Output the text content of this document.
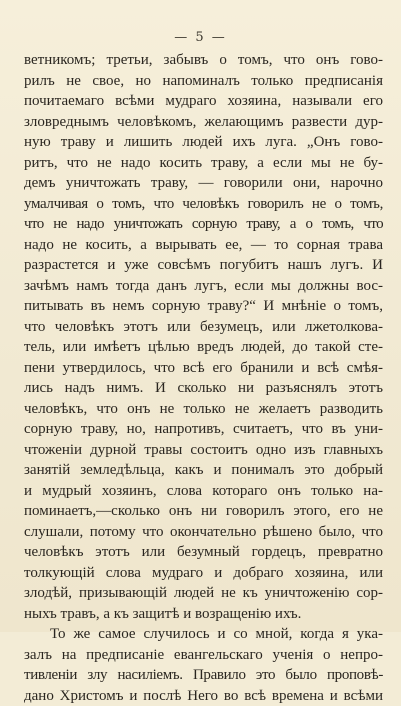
— 5 —
ветникомъ; третьи, забывъ о томъ, что онъ гово-
рилъ не свое, но напоминалъ только предписанія
почитаемаго всѣми мудраго хозяина, называли его
зловреднымъ человѣкомъ, желающимъ развести дур-
ную траву и лишить людей ихъ луга. „Онъ гово-
ритъ, что не надо косить траву, а если мы не бу-
демъ уничтожать траву, — говорили они, нарочно
умалчивая о томъ, что человѣкъ говорилъ не о томъ,
что не надо уничтожать сорную траву, а о томъ, что
надо не косить, а вырывать ее, — то сорная трава
разрастется и уже совсѣмъ погубитъ нашъ лугъ. И
зачѣмъ намъ тогда данъ лугъ, если мы должны вос-
питывать въ немъ сорную траву?“ И мнѣніе о томъ,
что человѣкъ этотъ или безумецъ, или лжетолкова-
тель, или имѣетъ цѣлью вредъ людей, до такой сте-
пени утвердилось, что всѣ его бранили и всѣ смѣя-
лись надъ нимъ. И сколько ни разъяснялъ этотъ
человѣкъ, что онъ не только не желаетъ разводить
сорную траву, но, напротивъ, считаетъ, что въ уни-
чтоженіи дурной травы состоитъ одно изъ главныхъ
занятій земледѣльца, какъ и понималъ это добрый
и мудрый хозяинъ, слова котораго онъ только на-
поминаетъ,—сколько онъ ни говорилъ этого, его не
слушали, потому что окончательно рѣшено было, что
человѣкъ этотъ или безумный гордецъ, превратно
толкующій слова мудраго и добраго хозяина, или
злодѣй, призывающій людей не къ уничтоженію сор-
ныхъ травъ, а къ защитѣ и возращенію ихъ.
То же самое случилось и со мной, когда я ука-
залъ на предписаніе евангельскаго ученія о непро-
тивленіи злу насиліемъ. Правило это было проповѣ-
дано Христомъ и послѣ Него во всѣ времена и всѣми
